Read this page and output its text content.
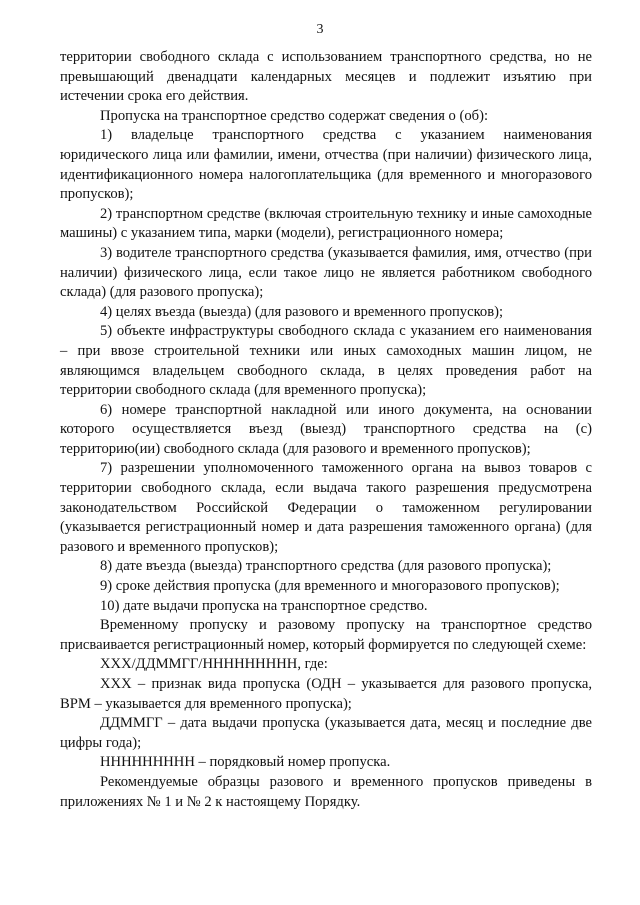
3

территории свободного склада с использованием транспортного средства, но не превышающий двенадцати календарных месяцев и подлежит изъятию при истечении срока его действия.

Пропуска на транспортное средство содержат сведения о (об):

1) владельце транспортного средства с указанием наименования юридического лица или фамилии, имени, отчества (при наличии) физического лица, идентификационного номера налогоплательщика (для временного и многоразового пропусков);

2) транспортном средстве (включая строительную технику и иные самоходные машины) с указанием типа, марки (модели), регистрационного номера;

3) водителе транспортного средства (указывается фамилия, имя, отчество (при наличии) физического лица, если такое лицо не является работником свободного склада) (для разового пропуска);

4) целях въезда (выезда) (для разового и временного пропусков);

5) объекте инфраструктуры свободного склада с указанием его наименования – при ввозе строительной техники или иных самоходных машин лицом, не являющимся владельцем свободного склада, в целях проведения работ на территории свободного склада (для временного пропуска);

6) номере транспортной накладной или иного документа, на основании которого осуществляется въезд (выезд) транспортного средства на (с) территорию(ии) свободного склада (для разового и временного пропусков);

7) разрешении уполномоченного таможенного органа на вывоз товаров с территории свободного склада, если выдача такого разрешения предусмотрена законодательством Российской Федерации о таможенном регулировании (указывается регистрационный номер и дата разрешения таможенного органа) (для разового и временного пропусков);

8) дате въезда (выезда) транспортного средства (для разового пропуска);

9) сроке действия пропуска (для временного и многоразового пропусков);

10) дате выдачи пропуска на транспортное средство.

Временному пропуску и разовому пропуску на транспортное средство присваивается регистрационный номер, который формируется по следующей схеме:

ХХХ/ДДММГГ/ННННННННН, где:

ХХХ – признак вида пропуска (ОДН – указывается для разового пропуска, ВРМ – указывается для временного пропуска);

ДДММГГ – дата выдачи пропуска (указывается дата, месяц и последние две цифры года);

ННННННННН – порядковый номер пропуска.

Рекомендуемые образцы разового и временного пропусков приведены в приложениях № 1 и № 2 к настоящему Порядку.
